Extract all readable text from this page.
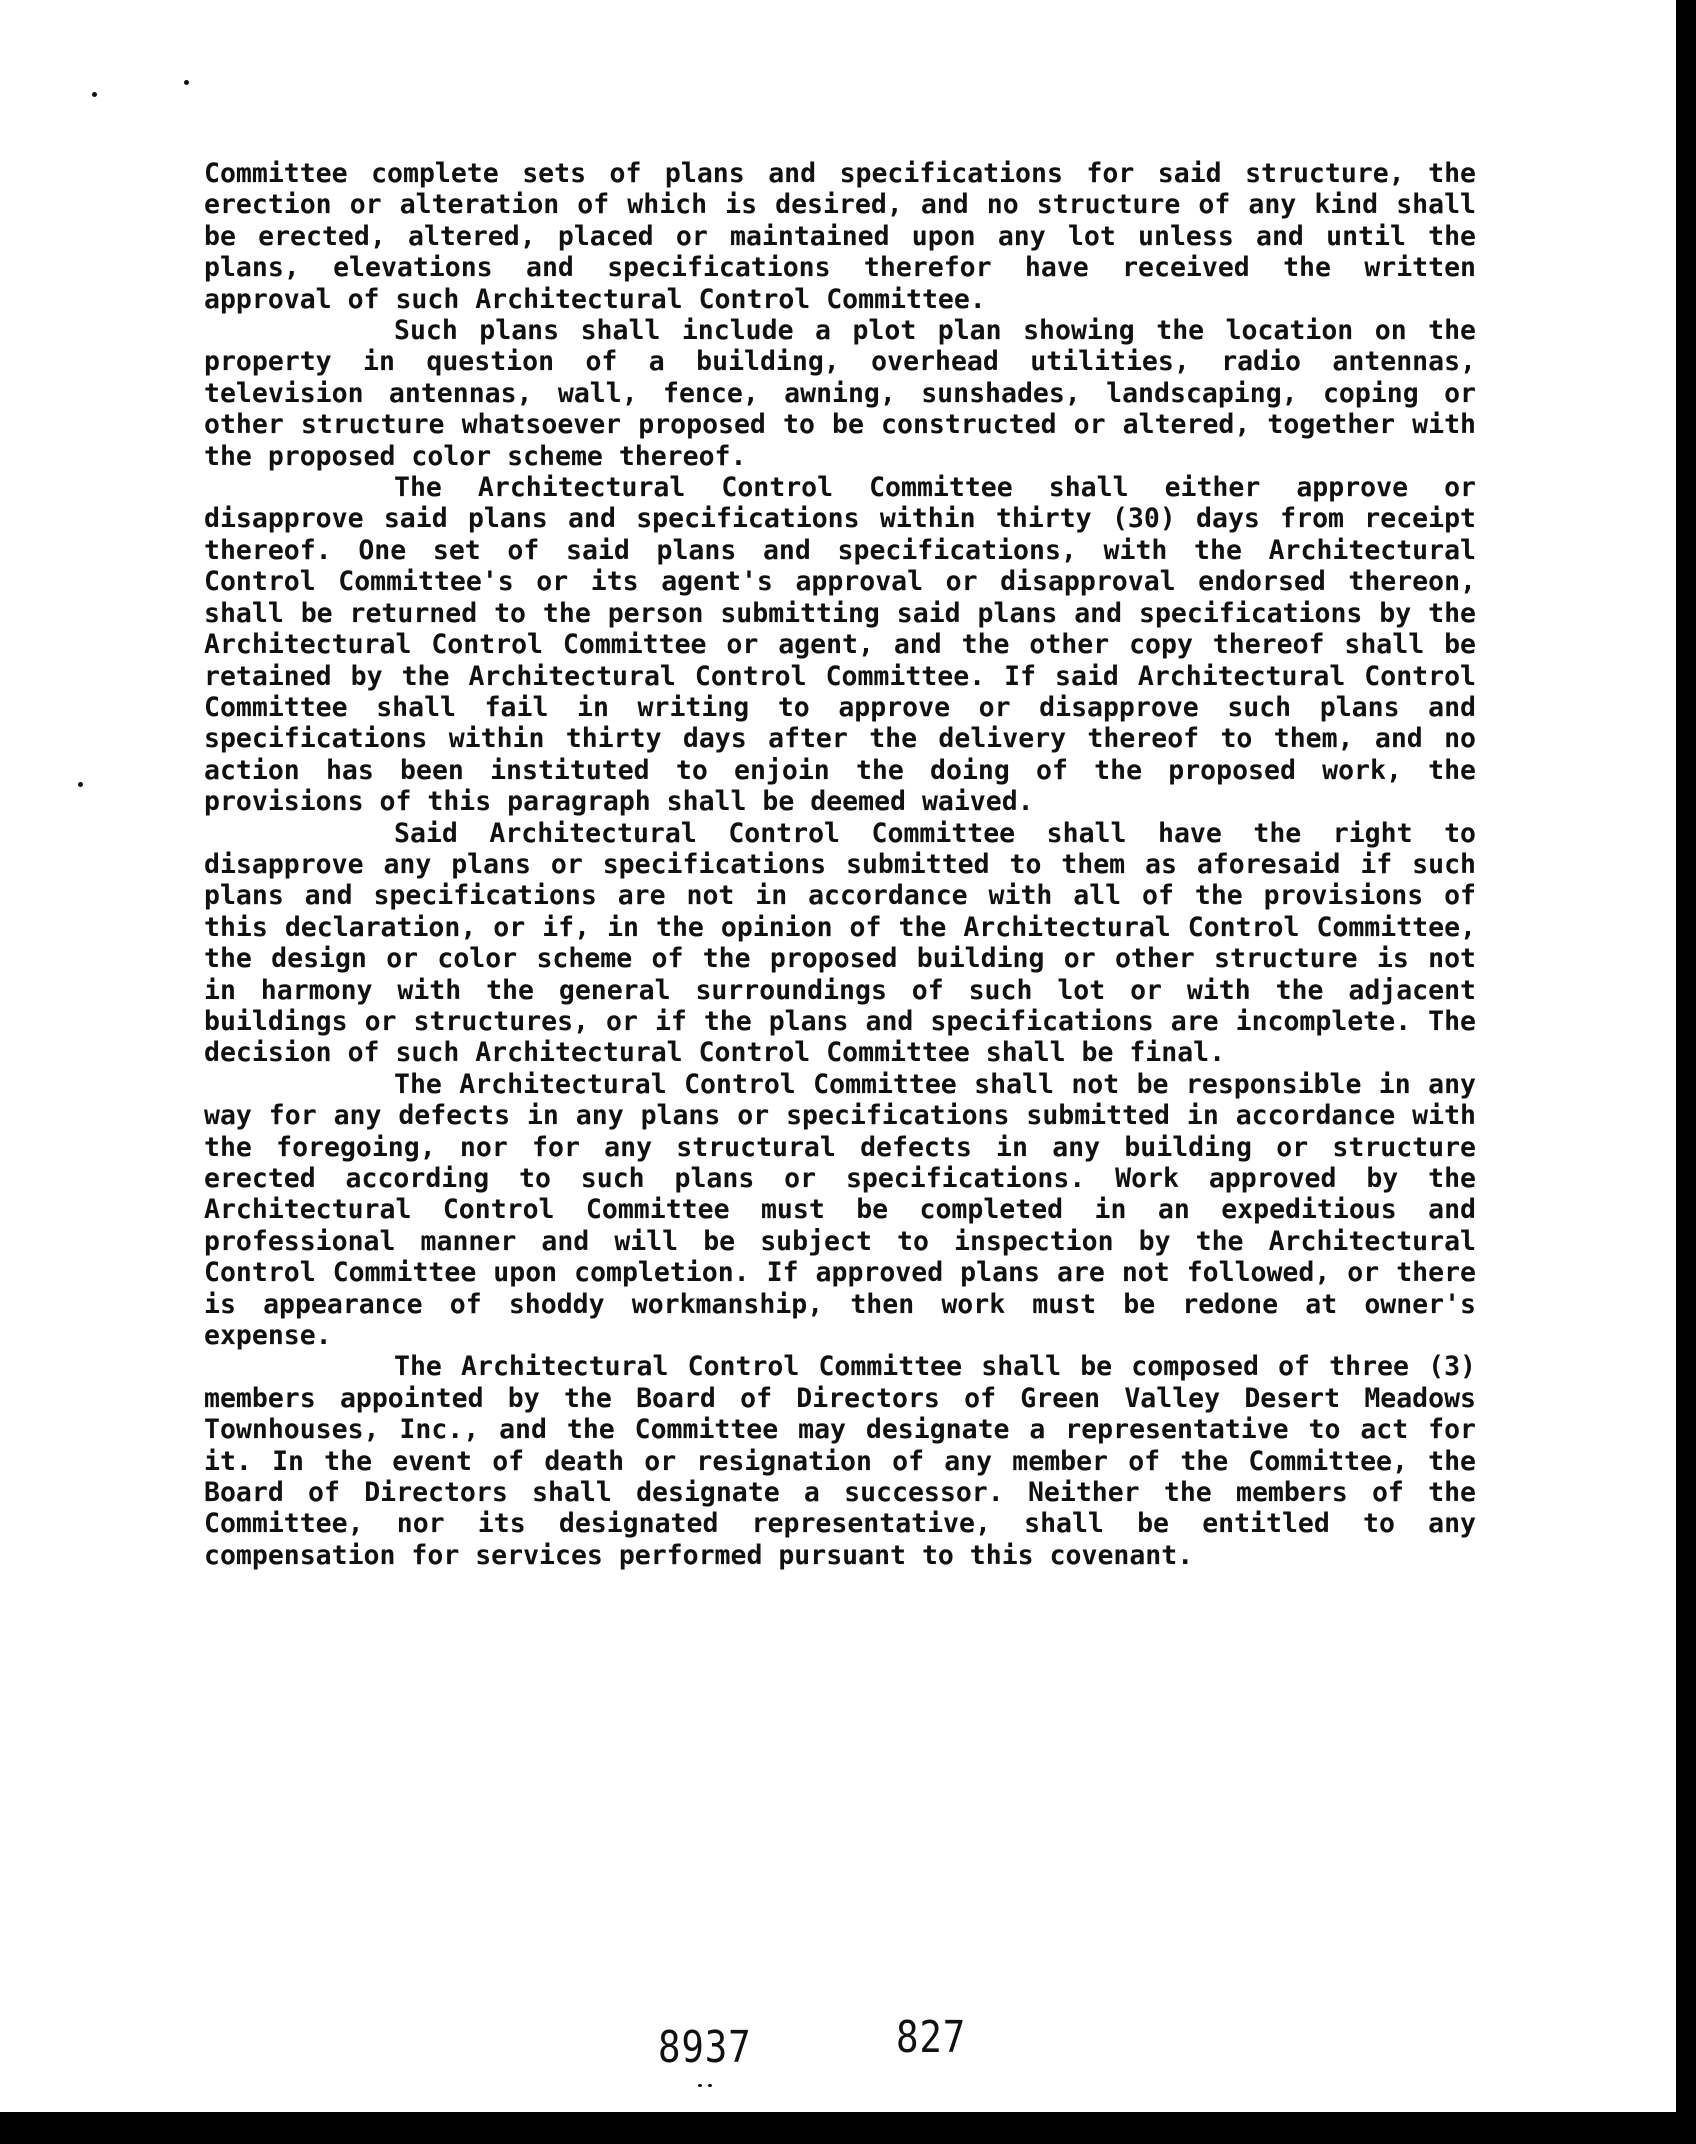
Committee complete sets of plans and specifications for said structure, the erection or alteration of which is desired, and no structure of any kind shall be erected, altered, placed or maintained upon any lot unless and until the plans, elevations and specifications therefor have received the written approval of such Architectural Control Committee.

Such plans shall include a plot plan showing the location on the property in question of a building, overhead utilities, radio antennas, television antennas, wall, fence, awning, sunshades, landscaping, coping or other structure whatsoever proposed to be constructed or altered, together with the proposed color scheme thereof.

The Architectural Control Committee shall either approve or disapprove said plans and specifications within thirty (30) days from receipt thereof. One set of said plans and specifications, with the Architectural Control Committee's or its agent's approval or disapproval endorsed thereon, shall be returned to the person submitting said plans and specifications by the Architectural Control Committee or agent, and the other copy thereof shall be retained by the Architectural Control Committee. If said Architectural Control Committee shall fail in writing to approve or disapprove such plans and specifications within thirty days after the delivery thereof to them, and no action has been instituted to enjoin the doing of the proposed work, the provisions of this paragraph shall be deemed waived.

Said Architectural Control Committee shall have the right to disapprove any plans or specifications submitted to them as aforesaid if such plans and specifications are not in accordance with all of the provisions of this declaration, or if, in the opinion of the Architectural Control Committee, the design or color scheme of the proposed building or other structure is not in harmony with the general surroundings of such lot or with the adjacent buildings or structures, or if the plans and specifications are incomplete. The decision of such Architectural Control Committee shall be final.

The Architectural Control Committee shall not be responsible in any way for any defects in any plans or specifications submitted in accordance with the foregoing, nor for any structural defects in any building or structure erected according to such plans or specifications. Work approved by the Architectural Control Committee must be completed in an expeditious and professional manner and will be subject to inspection by the Architectural Control Committee upon completion. If approved plans are not followed, or there is appearance of shoddy workmanship, then work must be redone at owner's expense.

The Architectural Control Committee shall be composed of three (3) members appointed by the Board of Directors of Green Valley Desert Meadows Townhouses, Inc., and the Committee may designate a representative to act for it. In the event of death or resignation of any member of the Committee, the Board of Directors shall designate a successor. Neither the members of the Committee, nor its designated representative, shall be entitled to any compensation for services performed pursuant to this covenant.

8937	827
